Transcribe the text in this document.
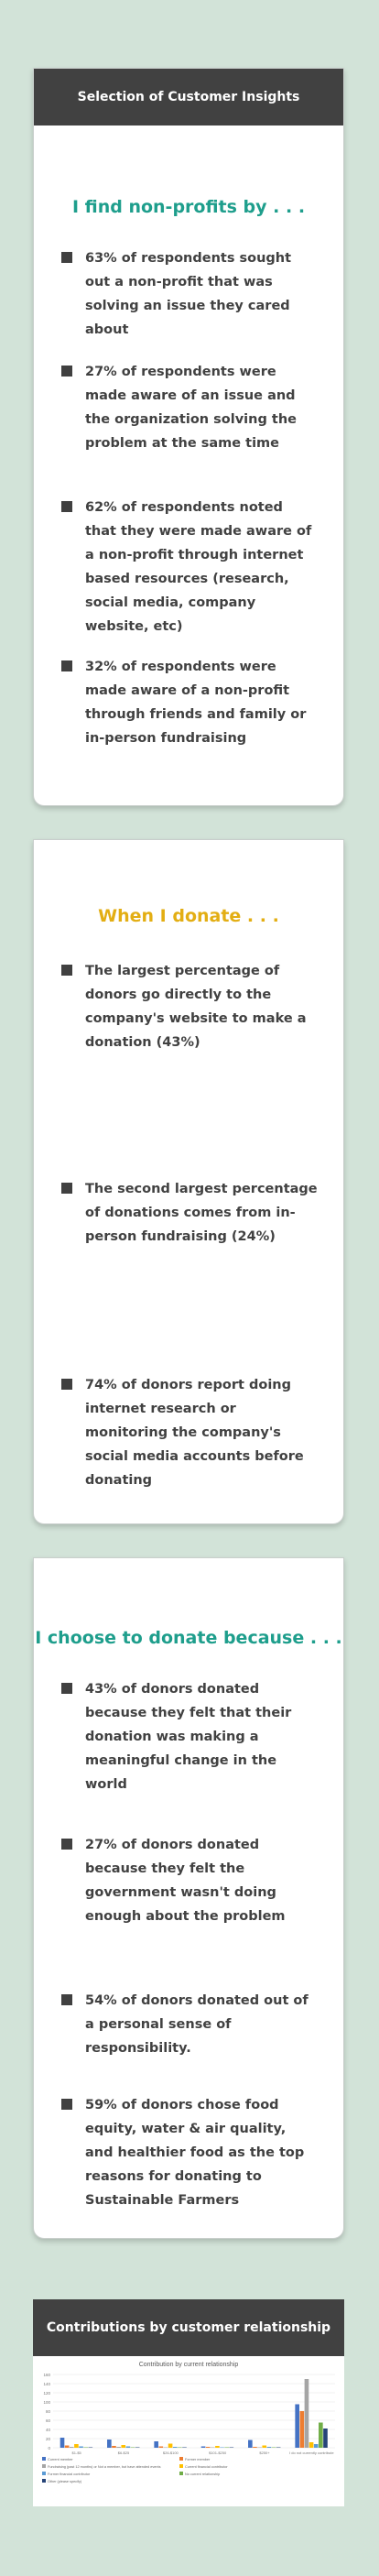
Selection of Customer Insights
I find non-profits by . . .
63% of respondents sought out a non-profit that was solving an issue they cared about
27% of respondents were made aware of an issue and the organization solving the problem at the same time
62% of respondents noted that they were made aware of a non-profit through internet based resources (research, social media, company website, etc)
32% of respondents were made aware of a non-profit through friends and family or in-person fundraising
When I donate . . .
The largest percentage of donors go directly to the company's website to make a donation (43%)
The second largest percentage of donations comes from in-person fundraising (24%)
74% of donors report doing internet research or monitoring the company's social media accounts before donating
I choose to donate because . . .
43% of donors donated because they felt that their donation was making a meaningful change in the world
27% of donors donated because they felt the government wasn't doing enough about the problem
54% of donors donated out of a personal sense of responsibility.
59% of donors chose food equity, water & air quality, and healthier food as the top reasons for donating to Sustainable Farmers
Contributions by customer relationship
Contribution by current relationship
0
20
40
60
80
100
120
140
160
$1-$5	$6-$25	$26-$100	$101-$250	$250+	I do not currently contribute
Current member	Former member
Fundraising (past 12 months) or Not a member, but have attended events	Current financial contributor
Former financial contributor	No current relationship
Other (please specify)
